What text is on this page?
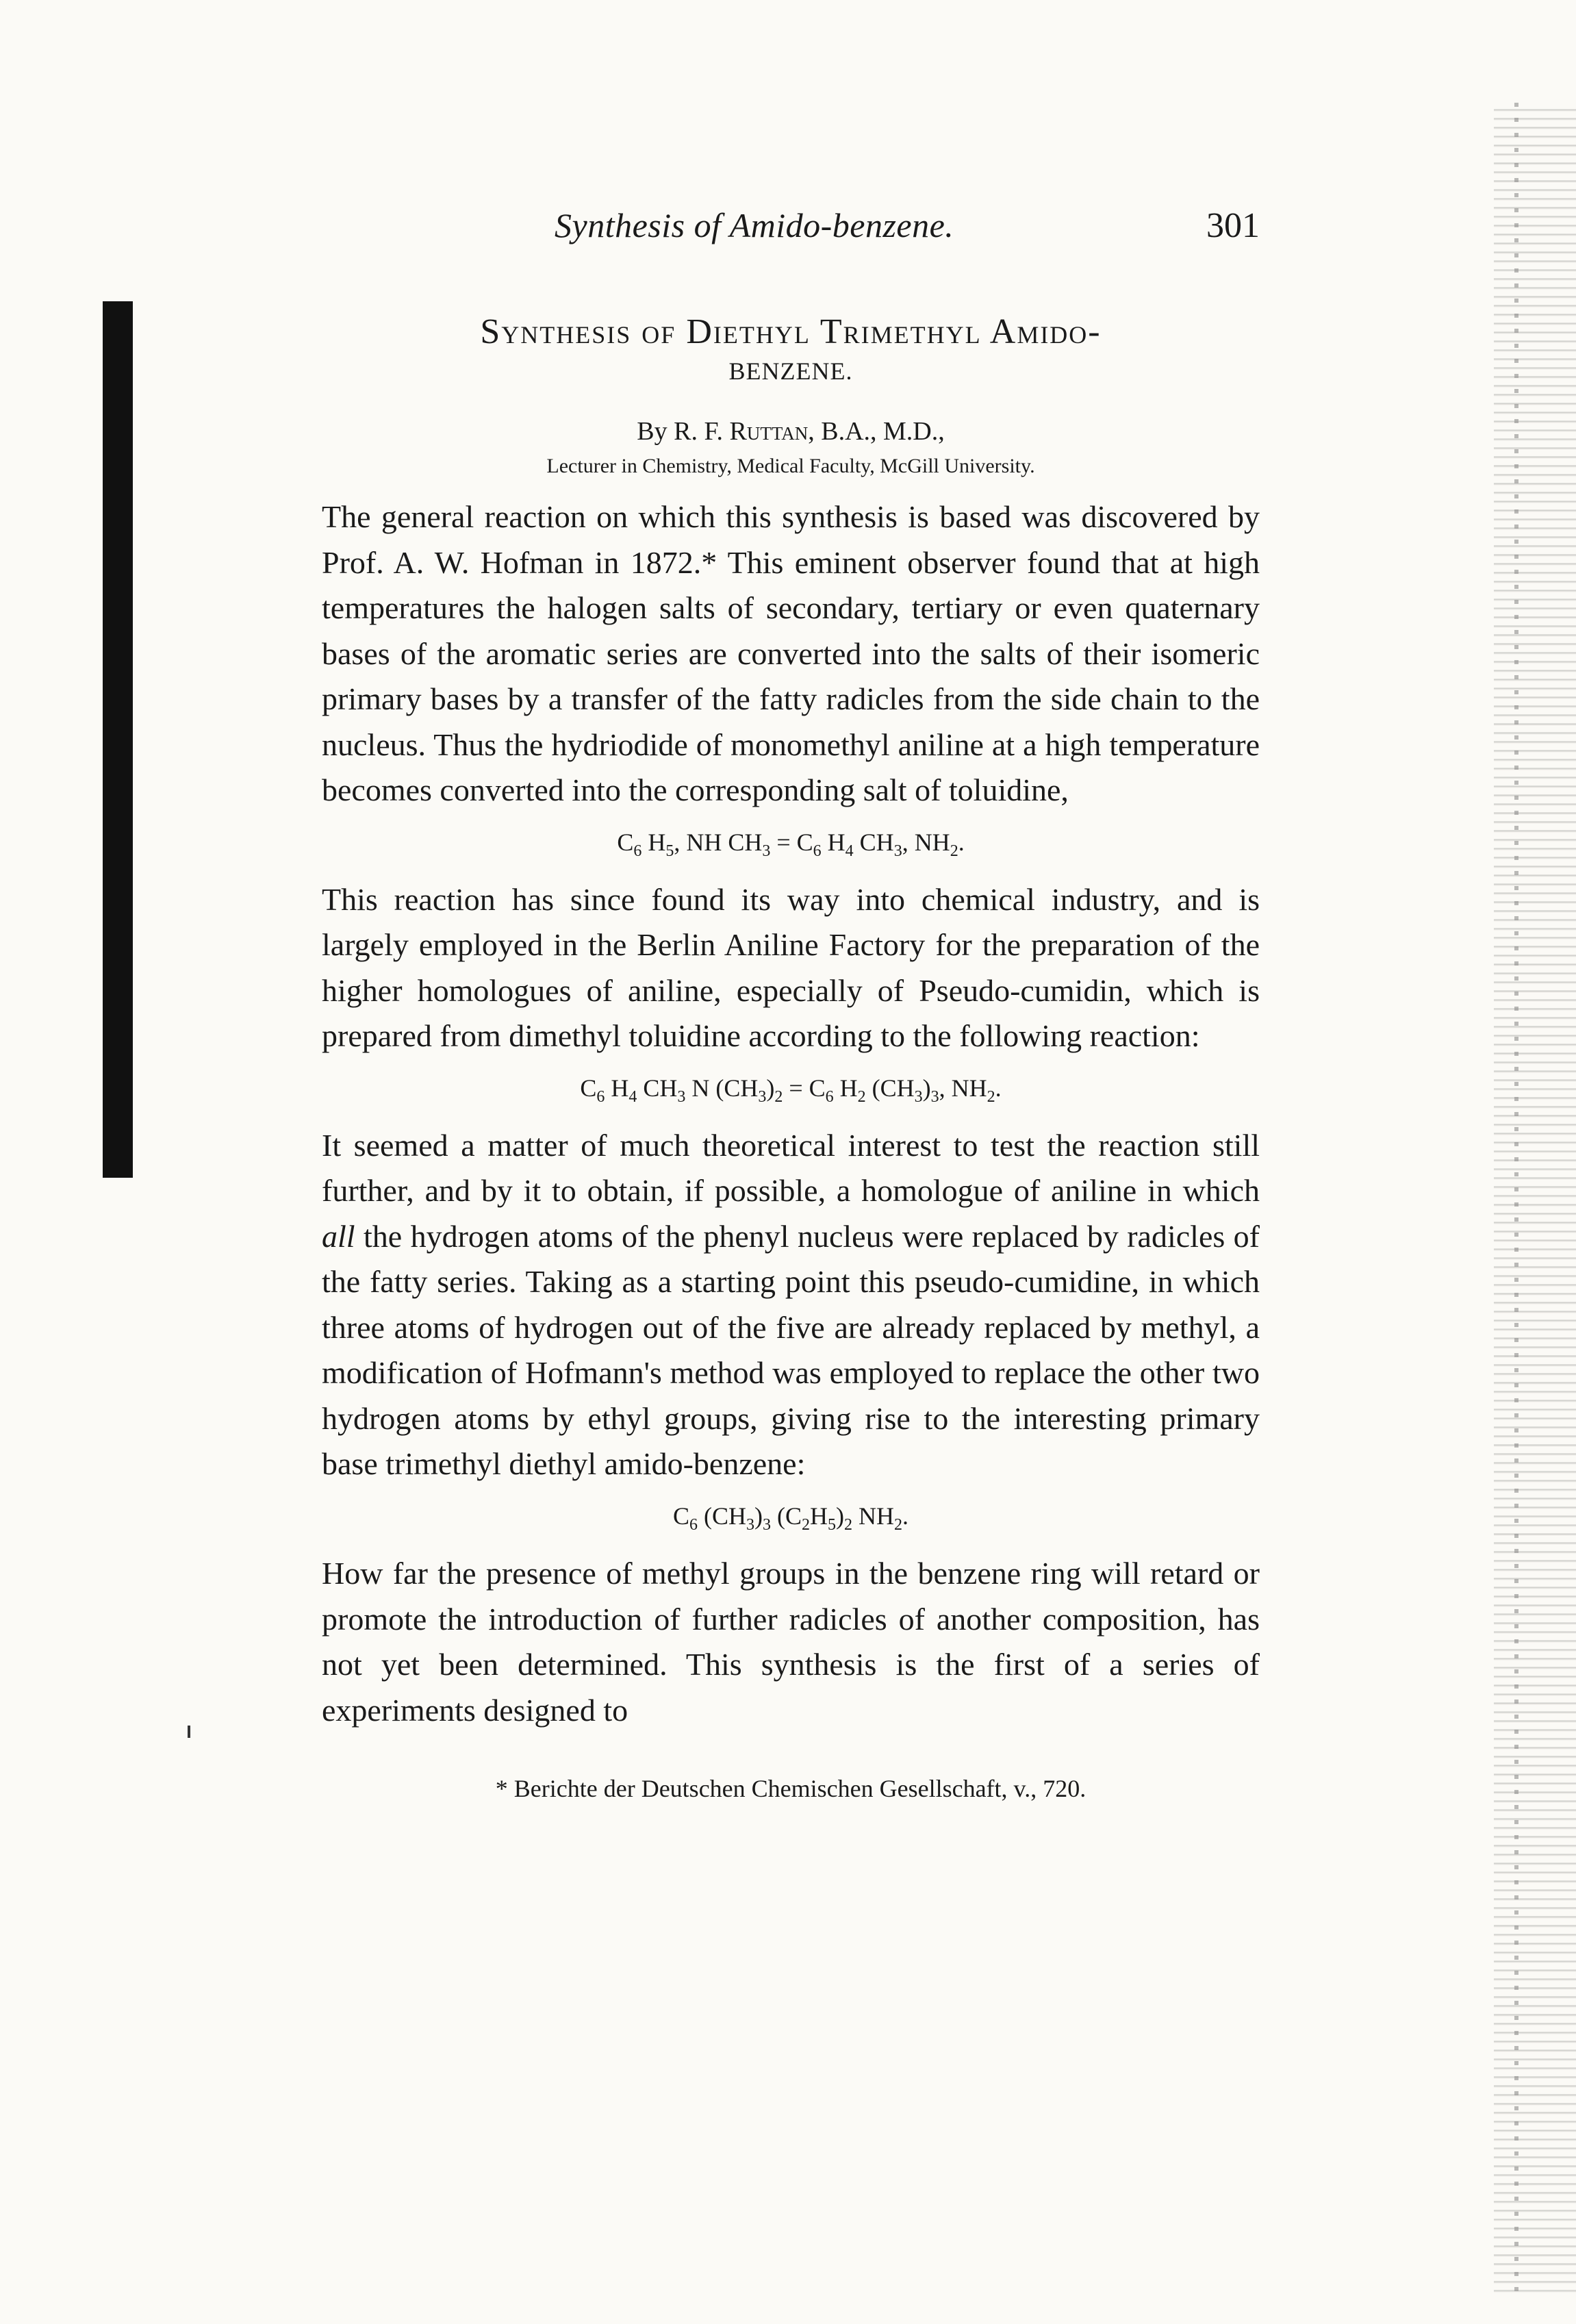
Synthesis of Amido-benzene.	301
Synthesis of Diethyl Trimethyl Amido-
BENZENE.
By R. F. Ruttan, B.A., M.D.,
Lecturer in Chemistry, Medical Faculty, McGill University.

The general reaction on which this synthesis is based was discovered by Prof. A. W. Hofman in 1872.* This eminent observer found that at high temperatures the halogen salts of secondary, tertiary or even quaternary bases of the aromatic series are converted into the salts of their isomeric primary bases by a transfer of the fatty radicles from the side chain to the nucleus. Thus the hydriodide of monomethyl aniline at a high temperature becomes converted into the corresponding salt of toluidine,

$C_6$ $H_5$, NH $CH_3 = C_6$ $H_4$ $CH_3$, $NH_2$.

This reaction has since found its way into chemical industry, and is largely employed in the Berlin Aniline Factory for the preparation of the higher homologues of aniline, especially of Pseudo-cumidin, which is prepared from dimethyl toluidine according to the following reaction:

$C_6$ $H_4$ $CH_3$ N $(CH_3)_2 = C_6$ $H_2$ $(CH_3)_3$, $NH_2$.

It seemed a matter of much theoretical interest to test the reaction still further, and by it to obtain, if possible, a homologue of aniline in which all the hydrogen atoms of the phenyl nucleus were replaced by radicles of the fatty series. Taking as a starting point this pseudo-cumidine, in which three atoms of hydrogen out of the five are already replaced by methyl, a modification of Hofmann's method was employed to replace the other two hydrogen atoms by ethyl groups, giving rise to the interesting primary base trimethyl diethyl amido-benzene:

$C_6$ $(CH_3)_3$ $(C_2H_5)_2$ $NH_2$.

How far the presence of methyl groups in the benzene ring will retard or promote the introduction of further radicles of another composition, has not yet been determined. This synthesis is the first of a series of experiments designed to

* Berichte der Deutschen Chemischen Gesellschaft, v., 720.
